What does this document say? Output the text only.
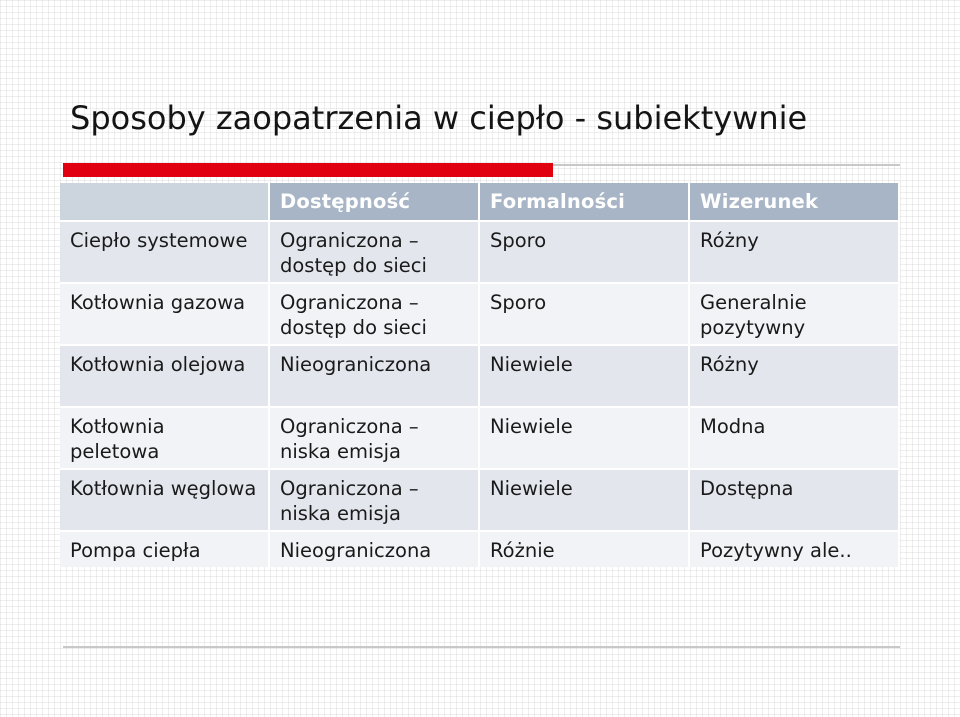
Sposoby zaopatrzenia w ciepło - subiektywnie
	Dostępność	Formalności	Wizerunek
Ciepło systemowe	Ograniczona – dostęp do sieci	Sporo	Różny
Kotłownia gazowa	Ograniczona – dostęp do sieci	Sporo	Generalnie pozytywny
Kotłownia olejowa	Nieograniczona	Niewiele	Różny
Kotłownia peletowa	Ograniczona – niska emisja	Niewiele	Modna
Kotłownia węglowa	Ograniczona – niska emisja	Niewiele	Dostępna
Pompa ciepła	Nieograniczona	Różnie	Pozytywny ale..
